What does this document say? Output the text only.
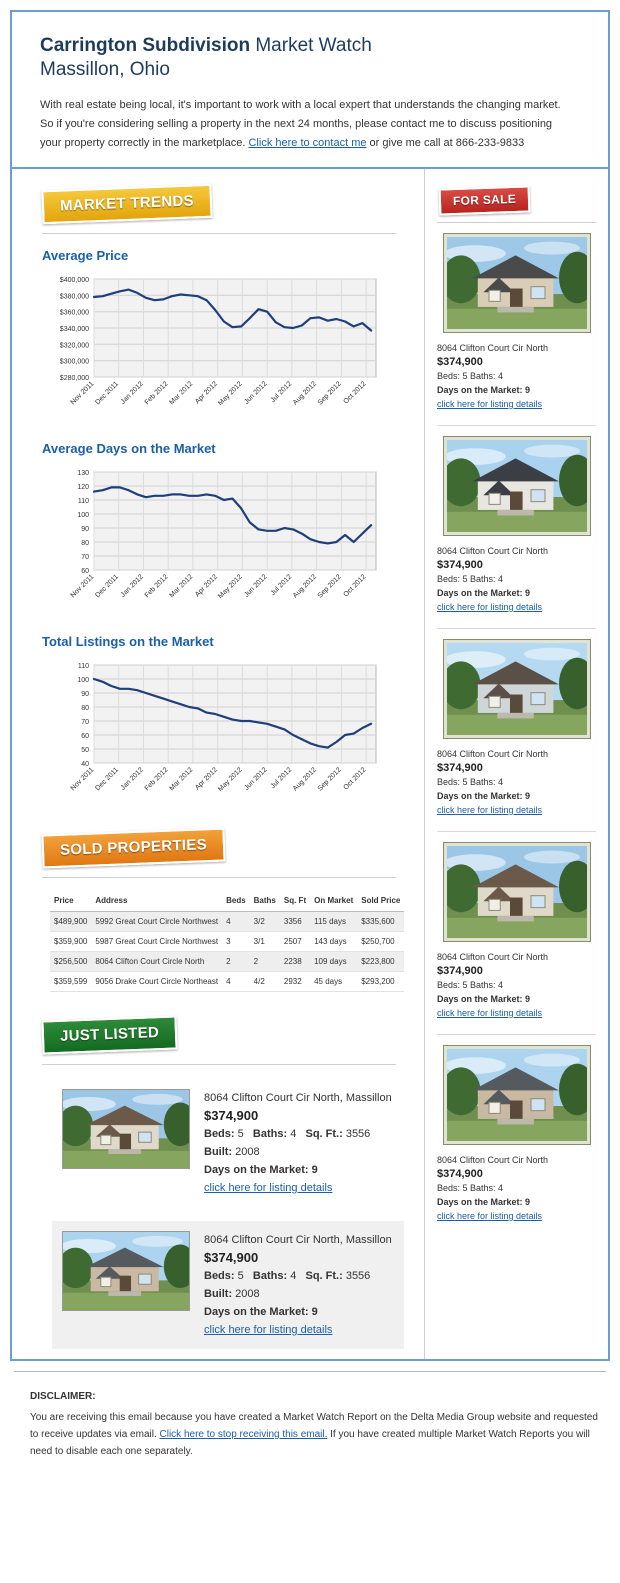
Carrington Subdivision Market Watch
Massillon, Ohio

With real estate being local, it's important to work with a local expert that understands the changing market.
So if you're considering selling a property in the next 24 months, please contact me to discuss positioning
your property correctly in the marketplace. Click here to contact me or give me call at 866-233-9833

MARKET TRENDS
Average Price
$280,000
$300,000
$320,000
$340,000
$360,000
$380,000
$400,000
Nov 2011
Dec 2011 Jan 2012
Feb 2012
Mar 2012 Apr 2012
May 2012 Jun 2012 Jul 2012
Aug 2012
Sep 2012 Oct 2012
Average Days on the Market
60
70
80
90
100
110
120
130
Nov 2011
Dec 2011 Jan 2012
Feb 2012
Mar 2012 Apr 2012
May 2012 Jun 2012 Jul 2012
Aug 2012
Sep 2012 Oct 2012
Total Listings on the Market
40
50
60
70
80
90
100
110
Nov 2011
Dec 2011 Jan 2012
Feb 2012
Mar 2012 Apr 2012
May 2012 Jun 2012 Jul 2012
Aug 2012
Sep 2012 Oct 2012
SOLD PROPERTIES
Price	Address	Beds	Baths	Sq. Ft	On Market	Sold Price
$489,900	5992 Great Court Circle Northwest	4	3/2	3356	115 days	$335,600
$359,900	5987 Great Court Circle Northwest	3	3/1	2507	143 days	$250,700
$256,500	8064 Clifton Court Circle North	2	2	2238	109 days	$223,800
$359,599	9056 Drake Court Circle Northeast	4	4/2	2932	45 days	$293,200
JUST LISTED
8064 Clifton Court Cir North, Massillon
$374,900
Beds: 5   Baths: 4   Sq. Ft.: 3556   Built: 2008
Days on the Market: 9
click here for listing details
8064 Clifton Court Cir North, Massillon
$374,900
Beds: 5   Baths: 4   Sq. Ft.: 3556   Built: 2008
Days on the Market: 9
click here for listing details
FOR SALE
8064 Clifton Court Cir North
$374,900
Beds: 5 Baths: 4
Days on the Market: 9
click here for listing details
8064 Clifton Court Cir North
$374,900
Beds: 5 Baths: 4
Days on the Market: 9
click here for listing details
8064 Clifton Court Cir North
$374,900
Beds: 5 Baths: 4
Days on the Market: 9
click here for listing details
8064 Clifton Court Cir North
$374,900
Beds: 5 Baths: 4
Days on the Market: 9
click here for listing details
8064 Clifton Court Cir North
$374,900
Beds: 5 Baths: 4
Days on the Market: 9
click here for listing details
DISCLAIMER:
You are receiving this email because you have created a Market Watch Report on the Delta Media Group website and requested
to receive updates via email. Click here to stop receiving this email. If you have created multiple Market Watch Reports you will
need to disable each one separately.
